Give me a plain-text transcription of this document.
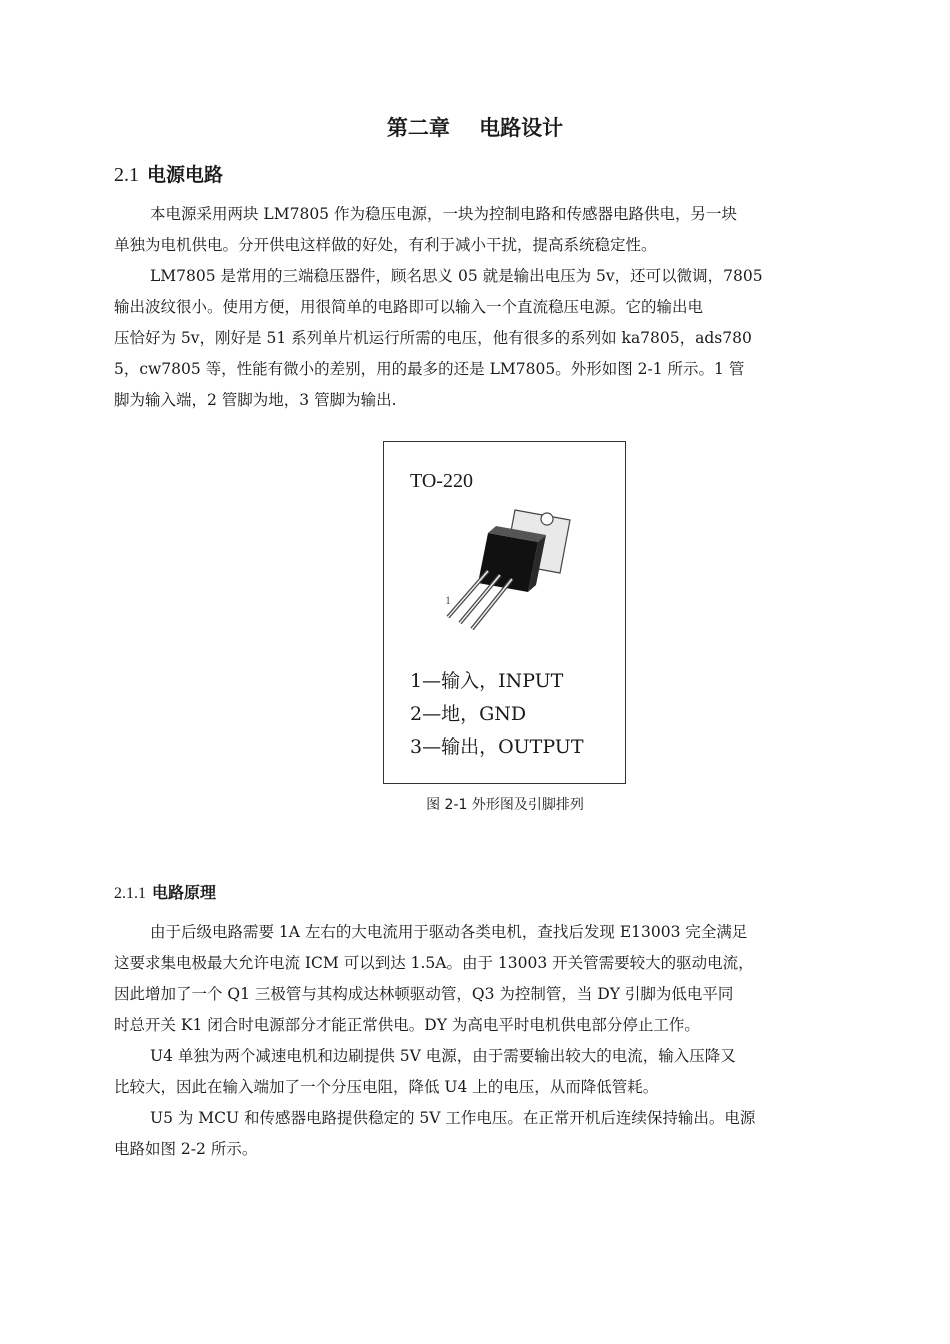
第二章    电路设计
2.1 电源电路
本电源采用两块 LM7805 作为稳压电源，一块为控制电路和传感器电路供电，另一块
单独为电机供电。分开供电这样做的好处，有利于减小干扰，提高系统稳定性。
LM7805 是常用的三端稳压器件，顾名思义 05 就是输出电压为 5v，还可以微调，7805
输出波纹很小。使用方便，用很简单的电路即可以输入一个直流稳压电源。它的输出电
压恰好为 5v，刚好是 51 系列单片机运行所需的电压，他有很多的系列如 ka7805，ads780
5，cw7805 等，性能有微小的差别，用的最多的还是 LM7805。外形如图 2-1 所示。1 管
脚为输入端，2 管脚为地，3 管脚为输出.
TO-220
1
1—输入，INPUT
2—地，GND
3—输出，OUTPUT
图 2-1 外形图及引脚排列
2.1.1 电路原理
由于后级电路需要 1A 左右的大电流用于驱动各类电机，查找后发现 E13003 完全满足
这要求集电极最大允许电流 ICM 可以到达 1.5A。由于 13003 开关管需要较大的驱动电流，
因此增加了一个 Q1 三极管与其构成达林顿驱动管，Q3 为控制管，当 DY 引脚为低电平同
时总开关 K1 闭合时电源部分才能正常供电。DY 为高电平时电机供电部分停止工作。
U4 单独为两个减速电机和边刷提供 5V 电源，由于需要输出较大的电流，输入压降又
比较大，因此在输入端加了一个分压电阻，降低 U4 上的电压，从而降低管耗。
U5 为 MCU 和传感器电路提供稳定的 5V 工作电压。在正常开机后连续保持输出。电源
电路如图 2-2 所示。
